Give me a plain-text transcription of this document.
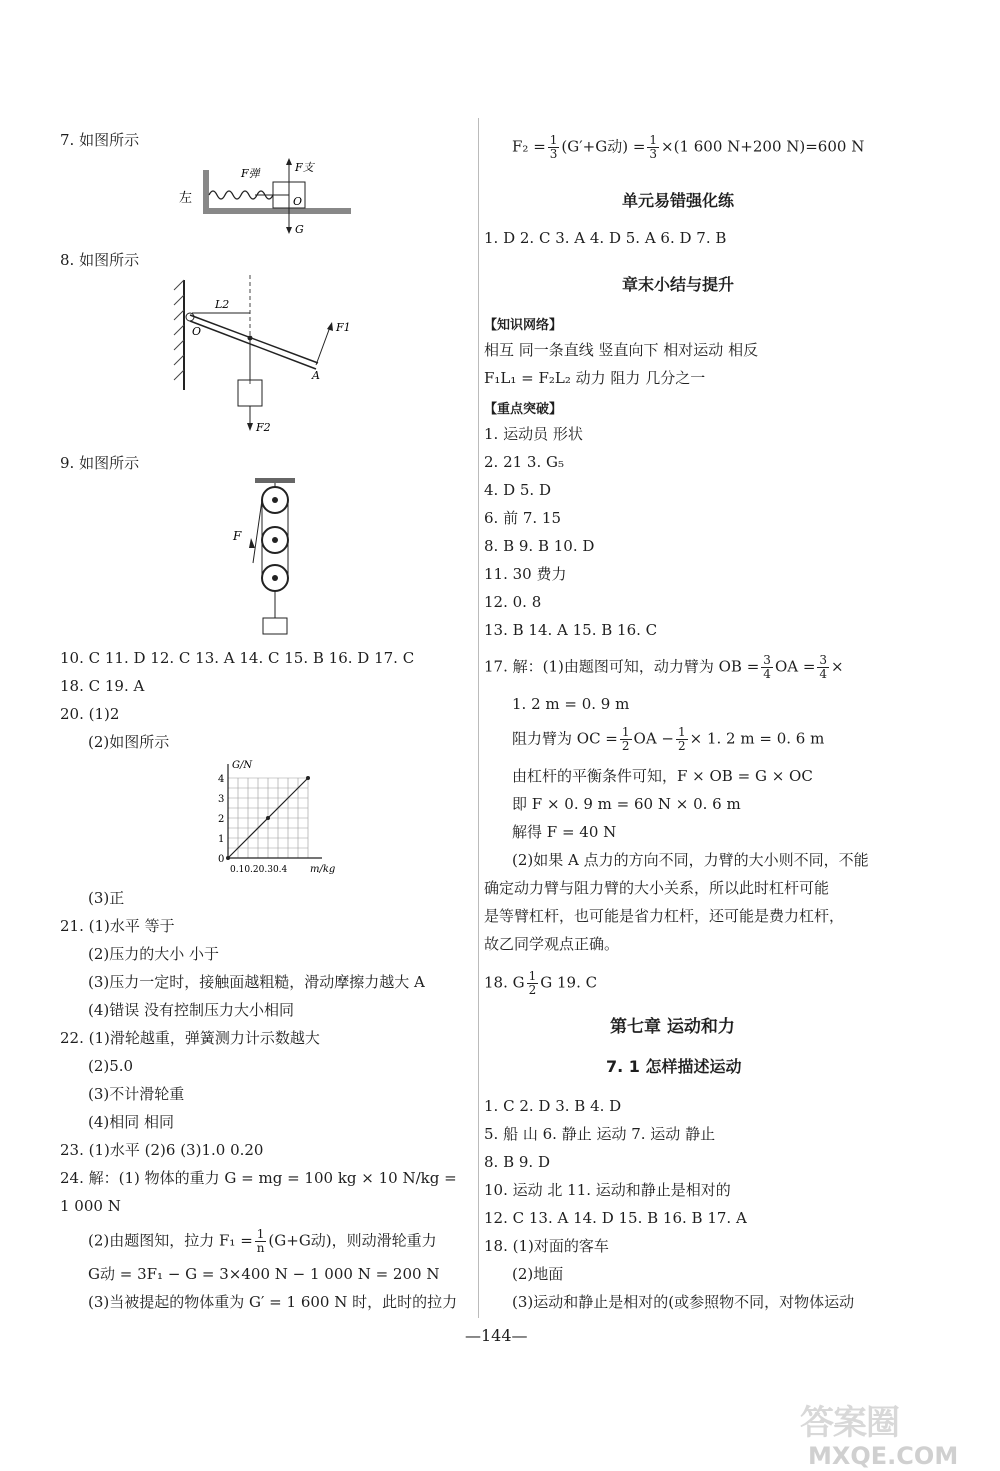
7. 如图所示
左
F弹	F支
G
O
8. 如图所示
O
L2
F1
A
F2
9. 如图所示
F
10. C 11. D 12. C 13. A 14. C 15. B 16. D 17. C
18. C 19. A
20. (1)2
(2)如图所示
0
1
2
3
4
G/N
m/kg
0.10.20.30.4
(3)正
21. (1)水平 等于
(2)压力的大小 小于
(3)压力一定时，接触面越粗糙，滑动摩擦力越大 A
(4)错误 没有控制压力大小相同
22. (1)滑轮越重，弹簧测力计示数越大
(2)5.0
(3)不计滑轮重
(4)相同 相同
23. (1)水平 (2)6 (3)1.0 0.20
24. 解：(1) 物体的重力 G = mg = 100 kg × 10 N/kg =
1 000 N
(2)由题图知，拉力 $F_1 = \frac{1}{n} (G+G$动)，则动滑轮重力
G动 = 3F₁ − G = 3×400 N − 1 000 N = 200 N
(3)当被提起的物体重为 G′ = 1 600 N 时，此时的拉力
$F_2 = \frac{1}{3} (G'+G$动) = $\frac{1}{3} \times(1$ 600 N+200 N)=600 N
单元易错强化练
1. D 2. C 3. A 4. D 5. A 6. D 7. B
章末小结与提升
【知识网络】
相互 同一条直线 竖直向下 相对运动 相反
F₁L₁ = F₂L₂ 动力 阻力 几分之一
【重点突破】
1. 运动员 形状
2. 21 3. G₅
4. D 5. D
6. 前 7. 15
8. B 9. B 10. D
11. 30 费力
12. 0. 8
13. B 14. A 15. B 16. C
17. 解：(1)由题图可知，动力臂为 OB = $\frac{3}{4}$ OA = $\frac{3}{4}$ ×
1. 2 m = 0. 9 m
阻力臂为 OC = $\frac{1}{2}$ OA − $\frac{1}{2} \times 1$. 2 m = 0. 6 m
由杠杆的平衡条件可知，F × OB = G × OC
即 F × 0. 9 m = 60 N × 0. 6 m
解得 F = 40 N
(2)如果 A 点力的方向不同，力臂的大小则不同，不能
确定动力臂与阻力臂的大小关系，所以此时杠杆可能
是等臂杠杆，也可能是省力杠杆，还可能是费力杠杆，
故乙同学观点正确。
18. G $\frac{1}{2}$ G 19. C
第七章 运动和力
7. 1 怎样描述运动
1. C 2. D 3. B 4. D
5. 船 山 6. 静止 运动 7. 运动 静止
8. B 9. D
10. 运动 北 11. 运动和静止是相对的
12. C 13. A 14. D 15. B 16. B 17. A
18. (1)对面的客车
(2)地面
(3)运动和静止是相对的(或参照物不同，对物体运动
—144—
答案圈
MXQE.COM
